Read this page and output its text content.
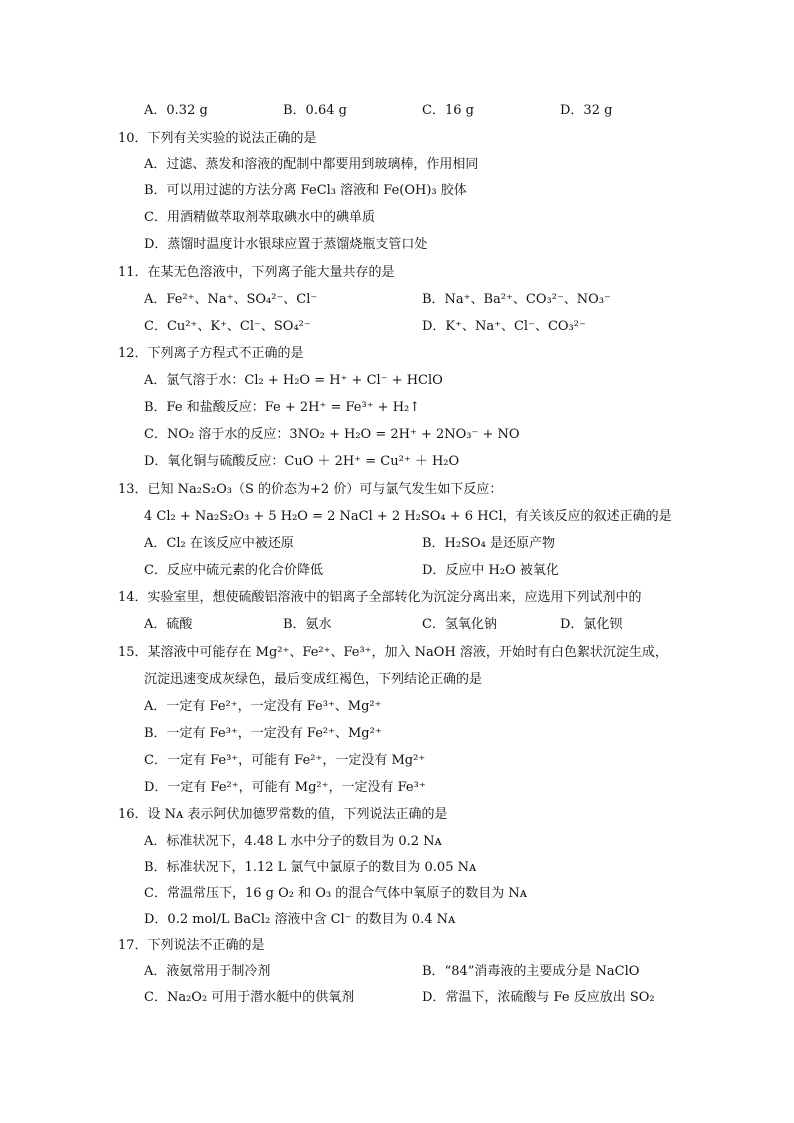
A．0.32 g	B．0.64 g	C．16 g	D．32 g
10．下列有关实验的说法正确的是
A．过滤、蒸发和溶液的配制中都要用到玻璃棒，作用相同
B．可以用过滤的方法分离 FeCl₃ 溶液和 Fe(OH)₃ 胶体
C．用酒精做萃取剂萃取碘水中的碘单质
D．蒸馏时温度计水银球应置于蒸馏烧瓶支管口处
11．在某无色溶液中，下列离子能大量共存的是
A．Fe²⁺、Na⁺、SO₄²⁻、Cl⁻	B．Na⁺、Ba²⁺、CO₃²⁻、NO₃⁻
C．Cu²⁺、K⁺、Cl⁻、SO₄²⁻	D．K⁺、Na⁺、Cl⁻、CO₃²⁻
12．下列离子方程式不正确的是
A．氯气溶于水：Cl₂ + H₂O = H⁺ + Cl⁻ + HClO
B．Fe 和盐酸反应：Fe + 2H⁺ = Fe³⁺ + H₂↑
C．NO₂ 溶于水的反应：3NO₂ + H₂O = 2H⁺ + 2NO₃⁻ + NO
D．氧化铜与硫酸反应：CuO ＋ 2H⁺ = Cu²⁺ ＋ H₂O
13．已知 Na₂S₂O₃（S 的价态为+2 价）可与氯气发生如下反应：
4 Cl₂ + Na₂S₂O₃ + 5 H₂O = 2 NaCl + 2 H₂SO₄ + 6 HCl，有关该反应的叙述正确的是
A．Cl₂ 在该反应中被还原	B．H₂SO₄ 是还原产物
C．反应中硫元素的化合价降低	D．反应中 H₂O 被氧化
14．实验室里，想使硫酸铝溶液中的铝离子全部转化为沉淀分离出来，应选用下列试剂中的
A．硫酸	B．氨水	C．氢氧化钠	D．氯化钡
15．某溶液中可能存在 Mg²⁺、Fe²⁺、Fe³⁺，加入 NaOH 溶液，开始时有白色絮状沉淀生成，
沉淀迅速变成灰绿色，最后变成红褐色，下列结论正确的是
A．一定有 Fe²⁺，一定没有 Fe³⁺、Mg²⁺
B．一定有 Fe³⁺，一定没有 Fe²⁺、Mg²⁺
C．一定有 Fe³⁺，可能有 Fe²⁺，一定没有 Mg²⁺
D．一定有 Fe²⁺，可能有 Mg²⁺，一定没有 Fe³⁺
16．设 Nᴀ 表示阿伏加德罗常数的值，下列说法正确的是
A．标准状况下，4.48 L 水中分子的数目为 0.2 Nᴀ
B．标准状况下，1.12 L 氯气中氯原子的数目为 0.05 Nᴀ
C．常温常压下，16 g O₂ 和 O₃ 的混合气体中氧原子的数目为 Nᴀ
D．0.2 mol/L BaCl₂ 溶液中含 Cl⁻ 的数目为 0.4 Nᴀ
17．下列说法不正确的是
A．液氨常用于制冷剂	B．“84”消毒液的主要成分是 NaClO
C．Na₂O₂ 可用于潜水艇中的供氧剂	D．常温下，浓硫酸与 Fe 反应放出 SO₂
